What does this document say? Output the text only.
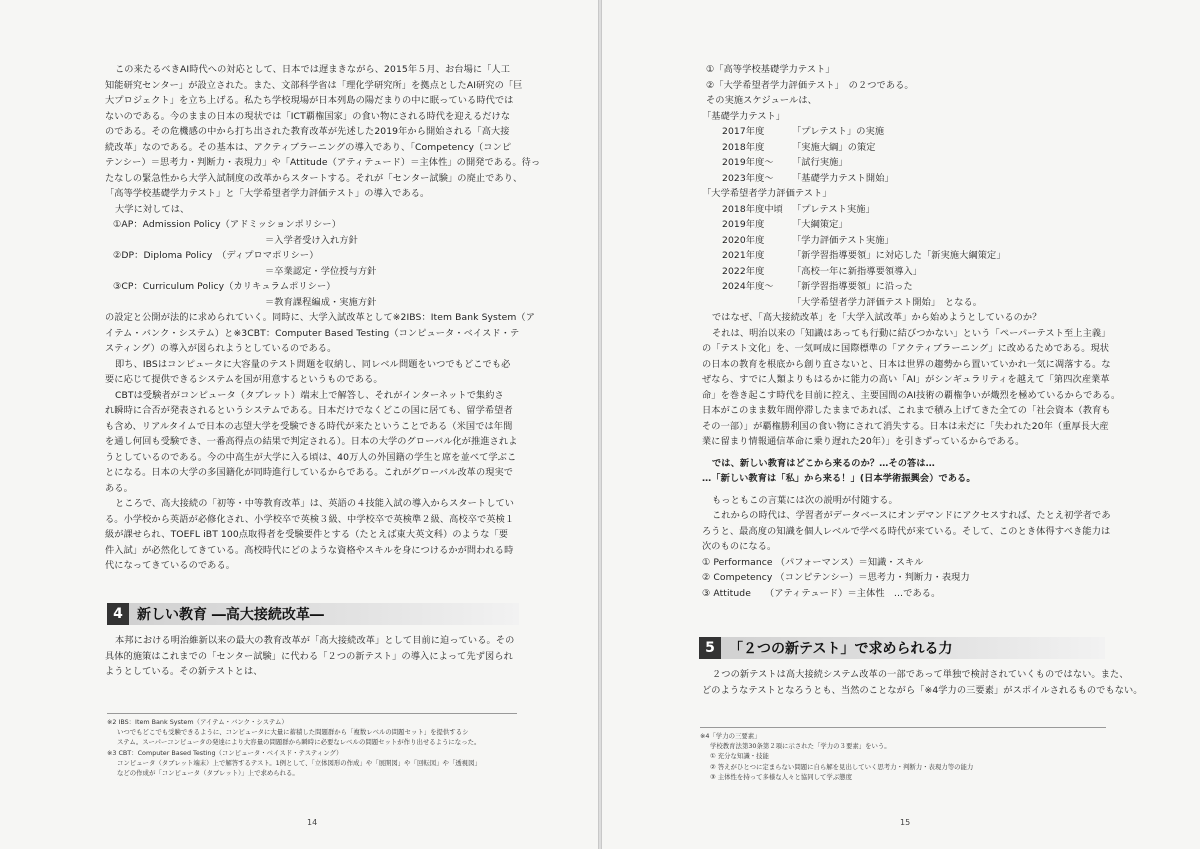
この来たるべきAI時代への対応として、日本では遅まきながら、2015年５月、お台場に「人工
知能研究センター」が設立された。また、文部科学省は「理化学研究所」を拠点としたAI研究の「巨
大プロジェクト」を立ち上げる。私たち学校現場が日本列島の陽だまりの中に眠っている時代では
ないのである。今のままの日本の現状では「ICT覇権国家」の食い物にされる時代を迎えるだけな
のである。その危機感の中から打ち出された教育改革が先述した2019年から開始される「高大接
続改革」なのである。その基本は、アクティブラーニングの導入であり、「Competency（コンピ
テンシー）＝思考力・判断力・表現力」や「Attitude（アティテュード）＝主体性」の開発である。待っ
たなしの緊急性から大学入試制度の改革からスタートする。それが「センター試験」の廃止であり、
「高等学校基礎学力テスト」と「大学希望者学力評価テスト」の導入である。
大学に対しては、
①AP：Admission Policy（アドミッションポリシー）
＝入学者受け入れ方針
②DP：Diploma Policy　（ディプロマポリシー）
＝卒業認定・学位授与方針
③CP：Curriculum Policy（カリキュラムポリシー）
＝教育課程編成・実施方針
の設定と公開が法的に求められていく。同時に、大学入試改革として※2IBS：Item Bank System（ア
イテム・バンク・システム）と※3CBT：Computer Based Testing（コンピュータ・ベイスド・テ
スティング）の導入が図られようとしているのである。
即ち、IBSはコンピュータに大容量のテスト問題を収納し、同レベル問題をいつでもどこでも必
要に応じて提供できるシステムを国が用意するというものである。
CBTは受験者がコンピュータ（タブレット）端末上で解答し、それがインターネットで集約さ
れ瞬時に合否が発表されるというシステムである。日本だけでなくどこの国に居ても、留学希望者
も含め、リアルタイムで日本の志望大学を受験できる時代が来たということである（米国では年間
を通し何回も受験でき、一番高得点の結果で判定される）。日本の大学のグローバル化が推進されよ
うとしているのである。今の中高生が大学に入る頃は、40万人の外国籍の学生と席を並べて学ぶこ
とになる。日本の大学の多国籍化が同時進行しているからである。これがグローバル改革の現実で
ある。
ところで、高大接続の「初等・中等教育改革」は、英語の４技能入試の導入からスタートしてい
る。小学校から英語が必修化され、小学校卒で英検３級、中学校卒で英検準２級、高校卒で英検１
級が課せられ、TOEFL iBT 100点取得者を受験要件とする（たとえば東大英文科）のような「要
件入試」が必然化してきている。高校時代にどのような資格やスキルを身につけるかが問われる時
代になってきているのである。
4	新しい教育 ―高大接続改革―
本邦における明治維新以来の最大の教育改革が「高大接続改革」として目前に迫っている。その
具体的施策はこれまでの「センター試験」に代わる「２つの新テスト」の導入によって先ず図られ
ようとしている。その新テストとは、
※2 IBS：Item Bank System（アイテム・バンク・システム）
いつでもどこでも受験できるように、コンピュータに大量に蓄積した問題群から「複数レベルの問題セット」を提供するシ
ステム。スーパーコンピュータの発達により大容量の問題群から瞬時に必要なレベルの問題セットが作り出せるようになった。
※3 CBT：Computer Based Testing（コンピュータ・ベイスド・テスティング）
コンピュータ（タブレット端末）上で解答するテスト。1例として、「立体図形の作成」や「展開図」や「回転図」や「透視図」
などの作成が「コンピュータ（タブレット）」上で求められる。
14
①「高等学校基礎学力テスト」
②「大学希望者学力評価テスト」　の２つである。
その実施スケジュールは、
「基礎学力テスト」
2017年度	「プレテスト」の実施
2018年度	「実施大綱」の策定
2019年度〜 「試行実施」
2023年度〜 「基礎学力テスト開始」
「大学希望者学力評価テスト」
2018年度中頃 「プレテスト実施」
2019年度	「大綱策定」
2020年度	「学力評価テスト実施」
2021年度	「新学習指導要領」に対応した「新実施大綱策定」
2022年度	「高校一年に新指導要領導入」
2024年度〜 「新学習指導要領」に沿った
「大学希望者学力評価テスト開始」　となる。
ではなぜ、「高大接続改革」を「大学入試改革」から始めようとしているのか？
それは、明治以来の「知識はあっても行動に結びつかない」という「ペーパーテスト至上主義」
の「テスト文化」を、一気呵成に国際標準の「アクティブラーニング」に改めるためである。現状
の日本の教育を根底から創り直さないと、日本は世界の趨勢から置いていかれ一気に凋落する。な
ぜなら、すでに人類よりもはるかに能力の高い「AI」がシンギュラリティを越えて「第四次産業革
命」を巻き起こす時代を目前に控え、主要国間のAI技術の覇権争いが熾烈を極めているからである。
日本がこのまま数年間停滞したままであれば、これまで積み上げてきた全ての「社会資本（教育も
その一部）」が覇権勝利国の食い物にされて消失する。日本は未だに「失われた20年（重厚長大産
業に留まり情報通信革命に乗り遅れた20年）」を引きずっているからである。
では、新しい教育はどこから来るのか？…その答は…
…「新しい教育は「私」から来る！」(日本学術振興会）である。
もっともこの言葉には次の説明が付随する。
これからの時代は、学習者がデータベースにオンデマンドにアクセスすれば、たとえ初学者であ
ろうと、最高度の知識を個人レベルで学べる時代が来ている。そして、このとき体得すべき能力は
次のものになる。
① Performance （パフォーマンス）＝知識・スキル
② Competency （コンピテンシー）＝思考力・判断力・表現力
③ Attitude　　（アティテュード）＝主体性　…である。
5	「２つの新テスト」で求められる力
２つの新テストは高大接続システム改革の一部であって単独で検討されていくものではない。また、
どのようなテストとなろうとも、当然のことながら「※4学力の三要素」がスポイルされるものでもない。
※4「学力の三要素」
学校教育法第30条第２項に示された「学力の３要素」をいう。
① 充分な知識・技能
② 答えがひとつに定まらない問題に自ら解を見出していく思考力・判断力・表現力等の能力
③ 主体性を持って多様な人々と協同して学ぶ態度
15
